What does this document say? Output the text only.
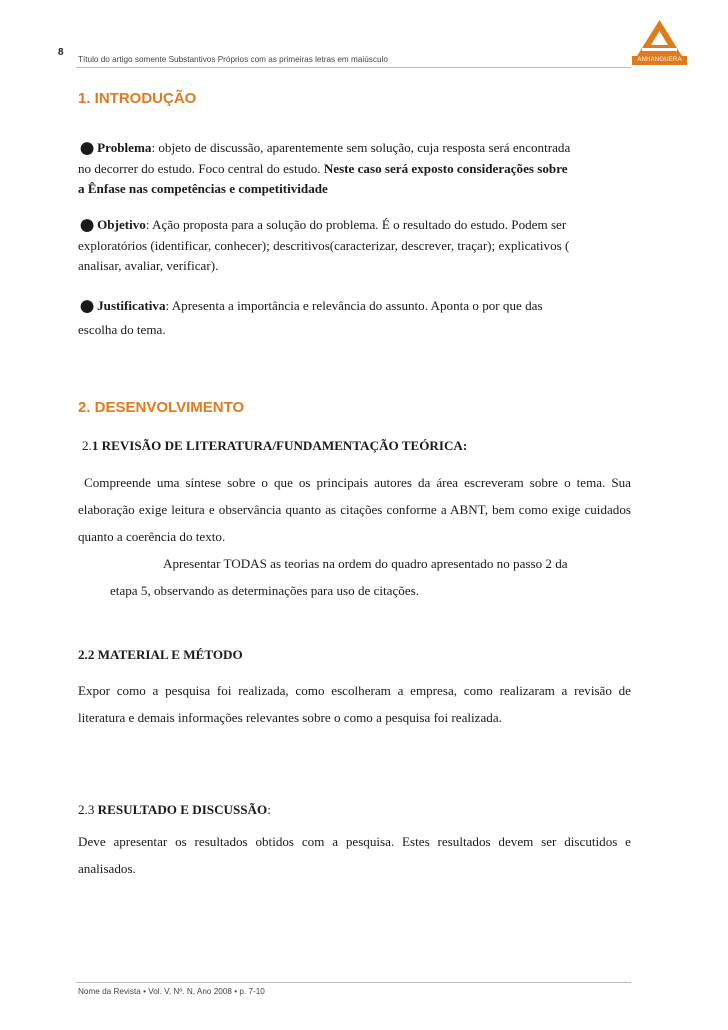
8
Título do artigo somente Substantivos Próprios com as primeiras letras em maiúsculo	ANHANGUERA
1. INTRODUÇÃO
●Problema: objeto de discussão, aparentemente sem solução, cuja resposta será encontrada
no decorrer do estudo. Foco central do estudo. Neste caso será exposto considerações sobre
a Ênfase nas competências e competitividade
●Objetivo: Ação proposta para a solução do problema. É o resultado do estudo. Podem ser
exploratórios (identificar, conhecer); descritivos(caracterizar, descrever, traçar); explicativos (
analisar, avaliar, verificar).
●Justificativa: Apresenta a importância e relevância do assunto. Aponta o por que das
escolha do tema.
2. DESENVOLVIMENTO
2.1 REVISÃO DE LITERATURA/FUNDAMENTAÇÃO TEÓRICA:
Compreende uma síntese sobre o que os principais autores da área escreveram sobre o tema. Sua elaboração exige leitura e observância quanto as citações conforme a ABNT, bem como exige cuidados quanto a coerência do texto.
Apresentar TODAS as teorias na ordem do quadro apresentado no passo 2 da
etapa 5, observando as determinações para uso de citações.
2.2 MATERIAL E MÉTODO
Expor como a pesquisa foi realizada, como escolheram a empresa, como realizaram a revisão de literatura e demais informações relevantes sobre o como a pesquisa foi realizada.
2.3 RESULTADO E DISCUSSÃO:
Deve apresentar os resultados obtidos com a pesquisa. Estes resultados devem ser discutidos e analisados.
Nome da Revista • Vol. V, Nº. N, Ano 2008 • p. 7-10
